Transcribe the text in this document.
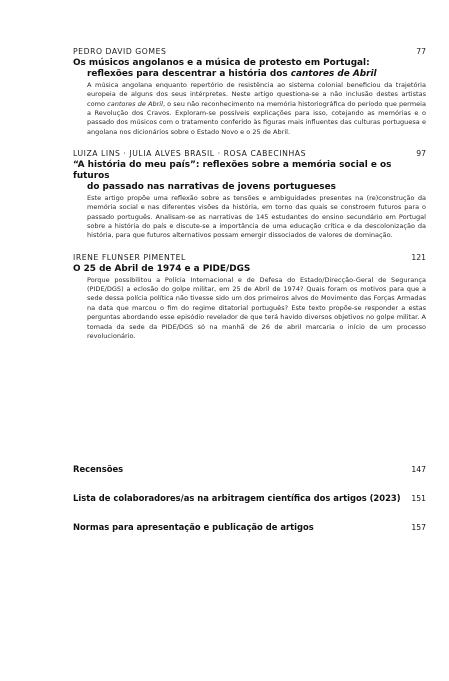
PEDRO DAVID GOMES	77
Os músicos angolanos e a música de protesto em Portugal:
reflexões para descentrar a história dos cantores de Abril
A música angolana enquanto repertório de resistência ao sistema colonial beneficiou da trajetória europeia de alguns dos seus intérpretes. Neste artigo questiona-se a não inclusão destes artistas como cantores de Abril, o seu não reconhecimento na memória historiográfica do período que permeia a Revolução dos Cravos. Exploram-se possíveis explicações para isso, cotejando as memórias e o passado dos músicos com o tratamento conferido às figuras mais influentes das culturas portuguesa e angolana nos dicionários sobre o Estado Novo e o 25 de Abril.
LUIZA LINS · JULIA ALVES BRASIL · ROSA CABECINHAS	97
“A história do meu país”: reflexões sobre a memória social e os futuros
do passado nas narrativas de jovens portugueses
Este artigo propõe uma reflexão sobre as tensões e ambiguidades presentes na (re)construção da memória social e nas diferentes visões da história, em torno das quais se constroem futuros para o passado português. Analisam-se as narrativas de 145 estudantes do ensino secundário em Portugal sobre a história do país e discute-se a importância de uma educação crítica e da descolonização da história, para que futuros alternativos possam emergir dissociados de valores de dominação.
IRENE FLUNSER PIMENTEL	121
O 25 de Abril de 1974 e a PIDE/DGS
Porque possibilitou a Polícia Internacional e de Defesa do Estado/Direcção-Geral de Segurança (PIDE/DGS) a eclosão do golpe militar, em 25 de Abril de 1974? Quais foram os motivos para que a sede dessa polícia política não tivesse sido um dos primeiros alvos do Movimento das Forças Armadas na data que marcou o fim do regime ditatorial português? Este texto propõe-se responder a estas perguntas abordando esse episódio revelador de que terá havido diversos objetivos no golpe militar. A tomada da sede da PIDE/DGS só na manhã de 26 de abril marcaria o início de um processo revolucionário.
Recensões	147
Lista de colaboradores/as na arbitragem científica dos artigos (2023) 151
Normas para apresentação e publicação de artigos	157
